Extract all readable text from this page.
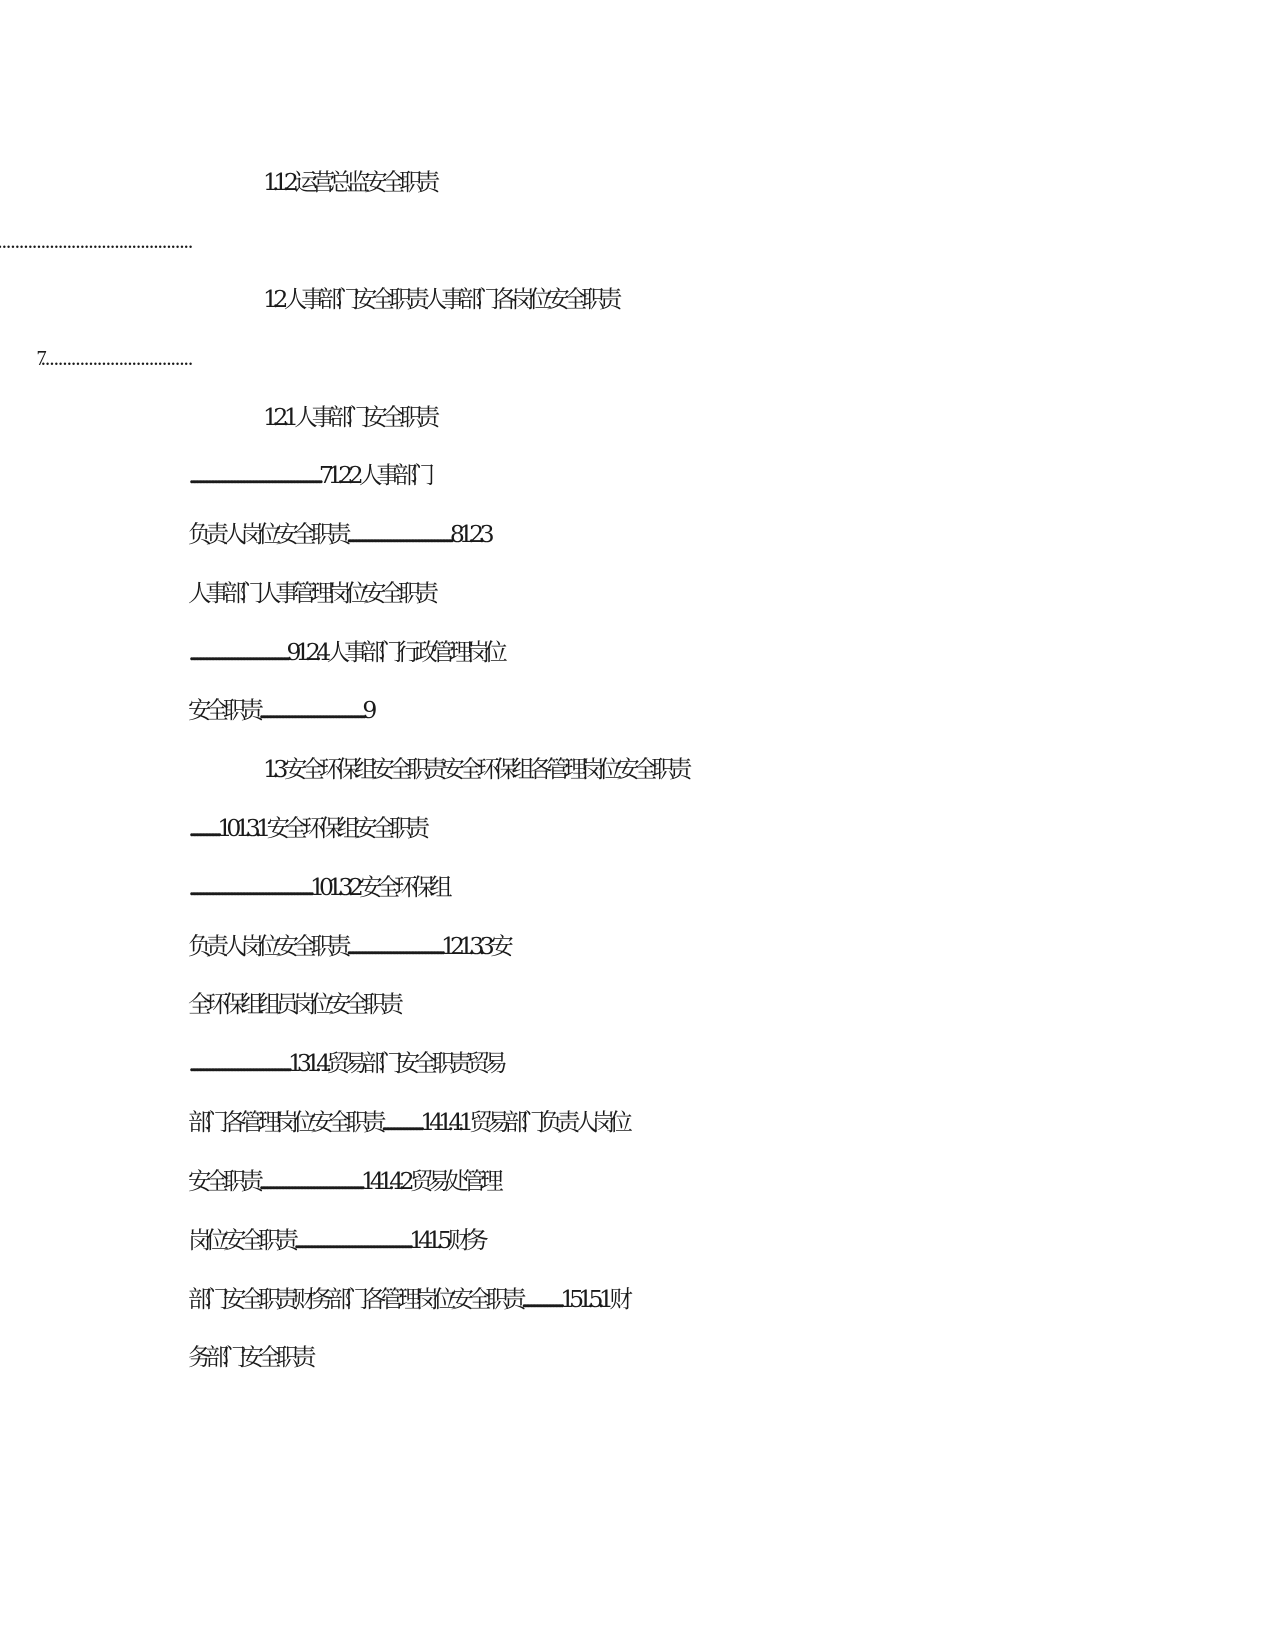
1.1.2 运营总监安全职责
1.2 人事部门安全职责人事部门各岗位安全职责
1.2.1 人事部门安全职责
.........................................................................................71.2.2 人事部门
负责人岗位安全职责.......................................................................81.2.3
人事部门人事管理岗位安全职责
...................................................................91.2.4 人事部门行政管理岗位
安全职责.......................................................................9
1.3 安全环保组安全职责安全环保组各管理岗位安全职责
....................101.3.1 安全环保组安全职责
...................................................................................101.3.2 安全环保组
负责人岗位安全职责.................................................................121.3.3 安
全环保组组员岗位安全职责
....................................................................131.4.贸易部门安全职责贸易
部门各管理岗位安全职责...........................141.4.1 贸易部门负责人岗位
安全职责......................................................................141.4.2 贸易处管理
岗位安全职责...............................................................................141.5 财务
部门安全职责财务部门各管理岗位安全职责...........................151.5.1 财
务部门安全职责
